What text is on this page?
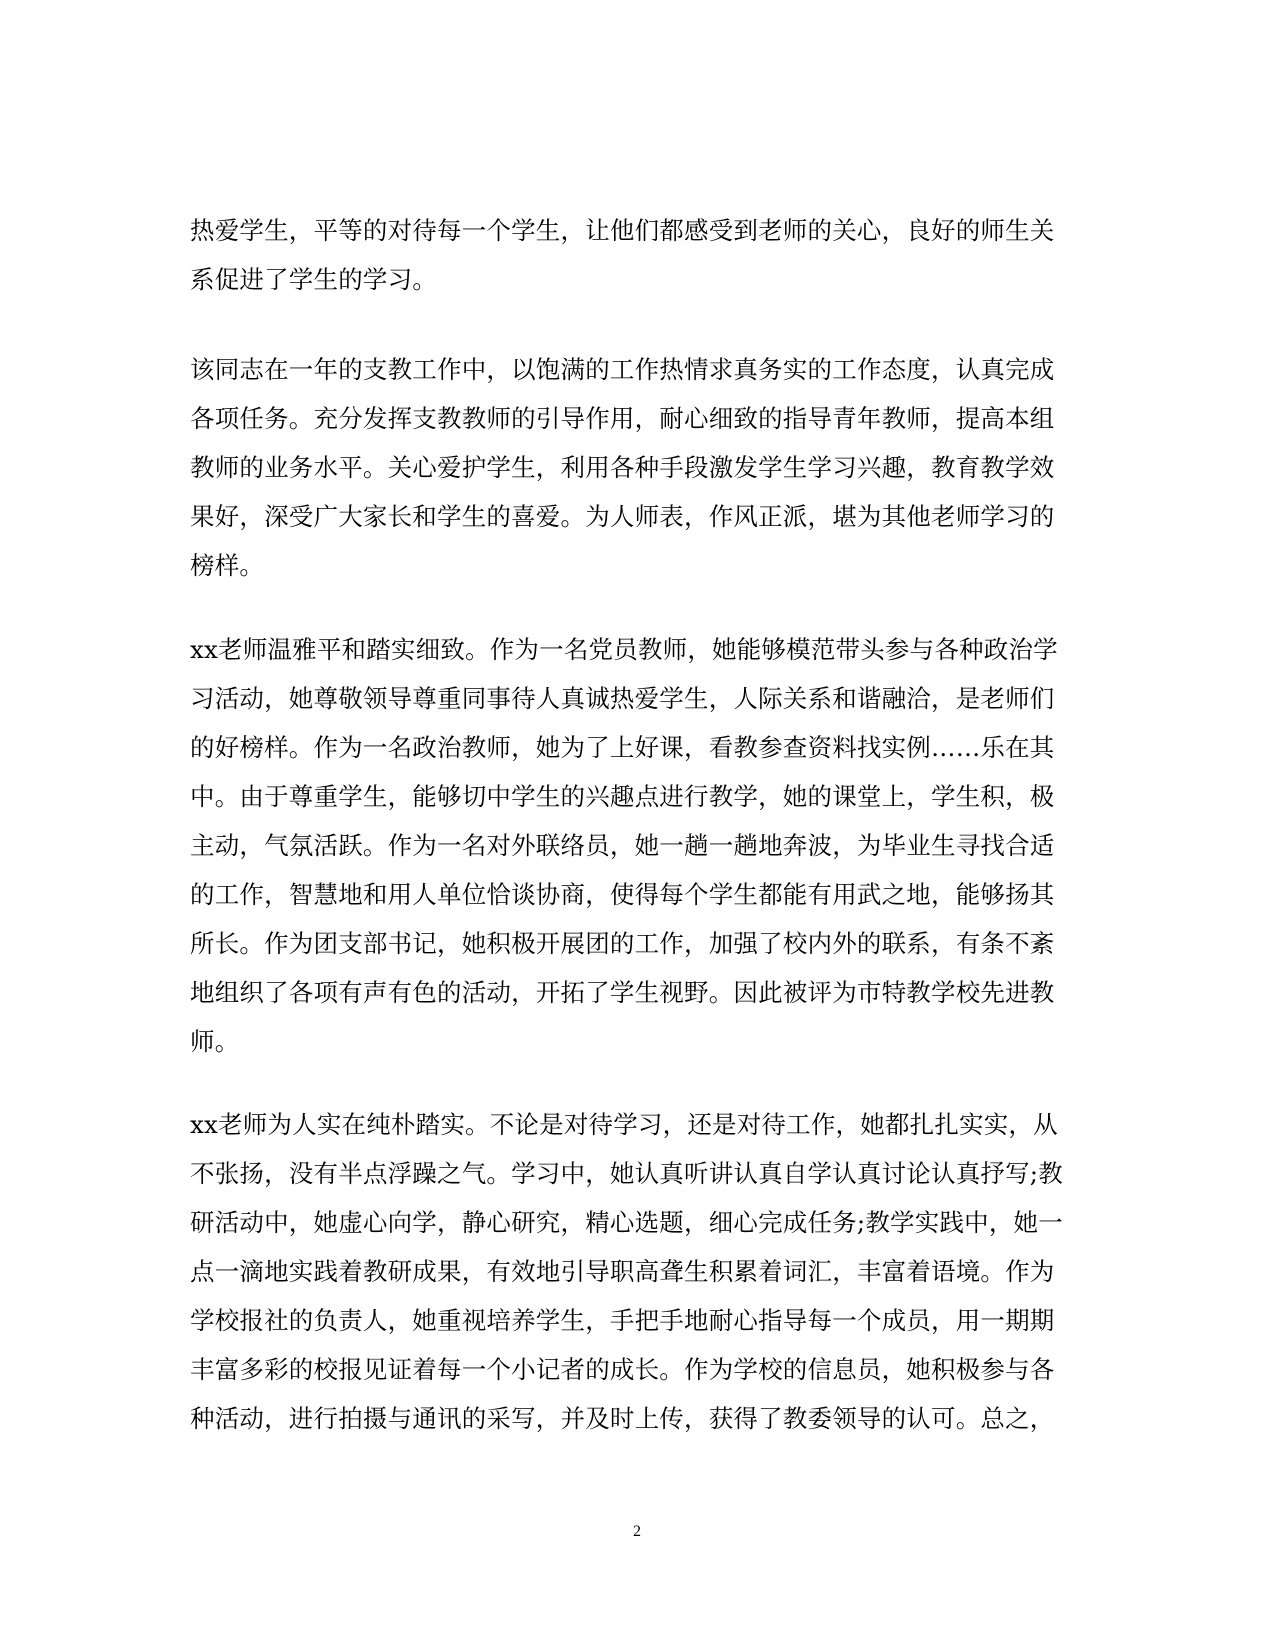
热爱学生，平等的对待每一个学生，让他们都感受到老师的关心，良好的师生关
系促进了学生的学习。
该同志在一年的支教工作中，以饱满的工作热情求真务实的工作态度，认真完成
各项任务。充分发挥支教教师的引导作用，耐心细致的指导青年教师，提高本组
教师的业务水平。关心爱护学生，利用各种手段激发学生学习兴趣，教育教学效
果好，深受广大家长和学生的喜爱。为人师表，作风正派，堪为其他老师学习的
榜样。
xx老师温雅平和踏实细致。作为一名党员教师，她能够模范带头参与各种政治学
习活动，她尊敬领导尊重同事待人真诚热爱学生，人际关系和谐融洽，是老师们
的好榜样。作为一名政治教师，她为了上好课，看教参查资料找实例……乐在其
中。由于尊重学生，能够切中学生的兴趣点进行教学，她的课堂上，学生积，极
主动，气氛活跃。作为一名对外联络员，她一趟一趟地奔波，为毕业生寻找合适
的工作，智慧地和用人单位恰谈协商，使得每个学生都能有用武之地，能够扬其
所长。作为团支部书记，她积极开展团的工作，加强了校内外的联系，有条不紊
地组织了各项有声有色的活动，开拓了学生视野。因此被评为市特教学校先进教
师。
xx老师为人实在纯朴踏实。不论是对待学习，还是对待工作，她都扎扎实实，从
不张扬，没有半点浮躁之气。学习中，她认真听讲认真自学认真讨论认真抒写;教
研活动中，她虚心向学，静心研究，精心选题，细心完成任务;教学实践中，她一
点一滴地实践着教研成果，有效地引导职高聋生积累着词汇，丰富着语境。作为
学校报社的负责人，她重视培养学生，手把手地耐心指导每一个成员，用一期期
丰富多彩的校报见证着每一个小记者的成长。作为学校的信息员，她积极参与各
种活动，进行拍摄与通讯的采写，并及时上传，获得了教委领导的认可。总之，
2
